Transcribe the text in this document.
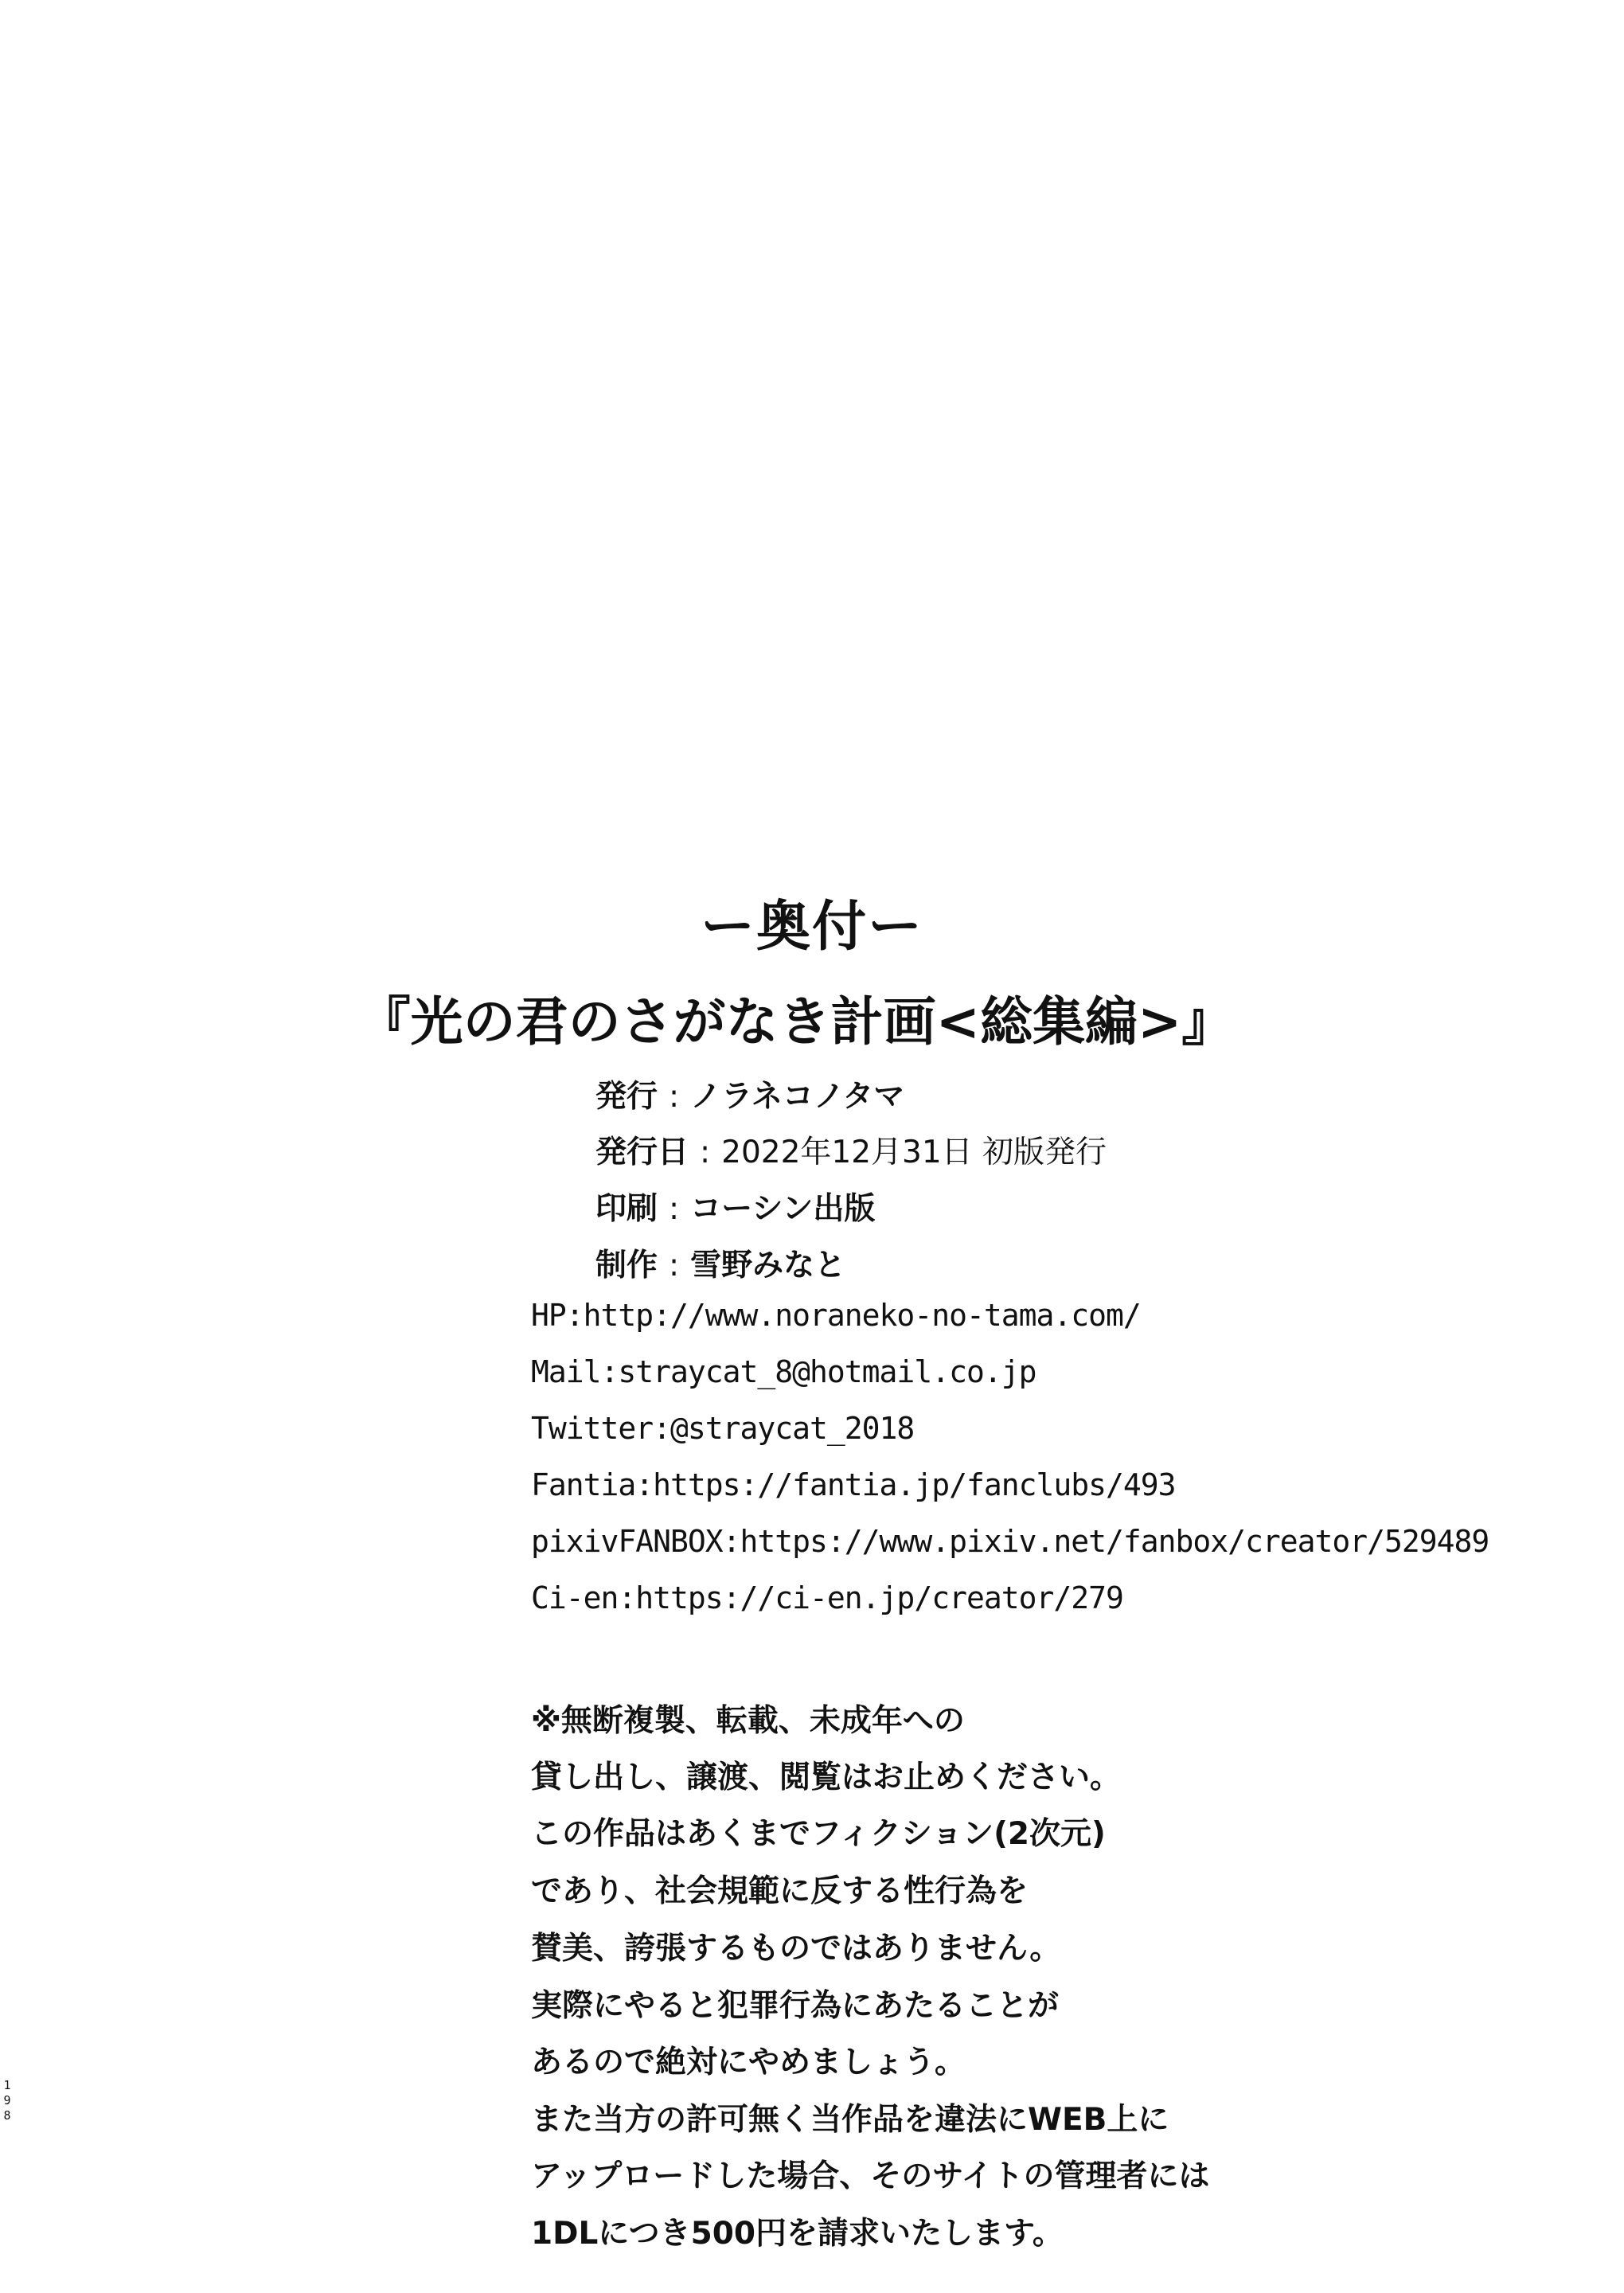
ー奥付ー
『光の君のさがなき計画<総集編>』
発行 : ノラネコノタマ
発行日 : 2022年12月31日 初版発行
印刷 : コーシン出版
制作 : 雪野みなと
HP:http://www.noraneko-no-tama.com/
Mail:straycat_8@hotmail.co.jp
Twitter:@straycat_2018
Fantia:https://fantia.jp/fanclubs/493
pixivFANBOX:https://www.pixiv.net/fanbox/creator/529489
Ci-en:https://ci-en.jp/creator/279
※無断複製、転載、未成年への
貸し出し、譲渡、閲覧はお止めください。
この作品はあくまでフィクション(2次元)
であり、社会規範に反する性行為を
賛美、誇張するものではありません。
実際にやると犯罪行為にあたることが
あるので絶対にやめましょう。
また当方の許可無く当作品を違法にWEB上に
アップロードした場合、そのサイトの管理者には
1DLにつき500円を請求いたします。
1
9
8
